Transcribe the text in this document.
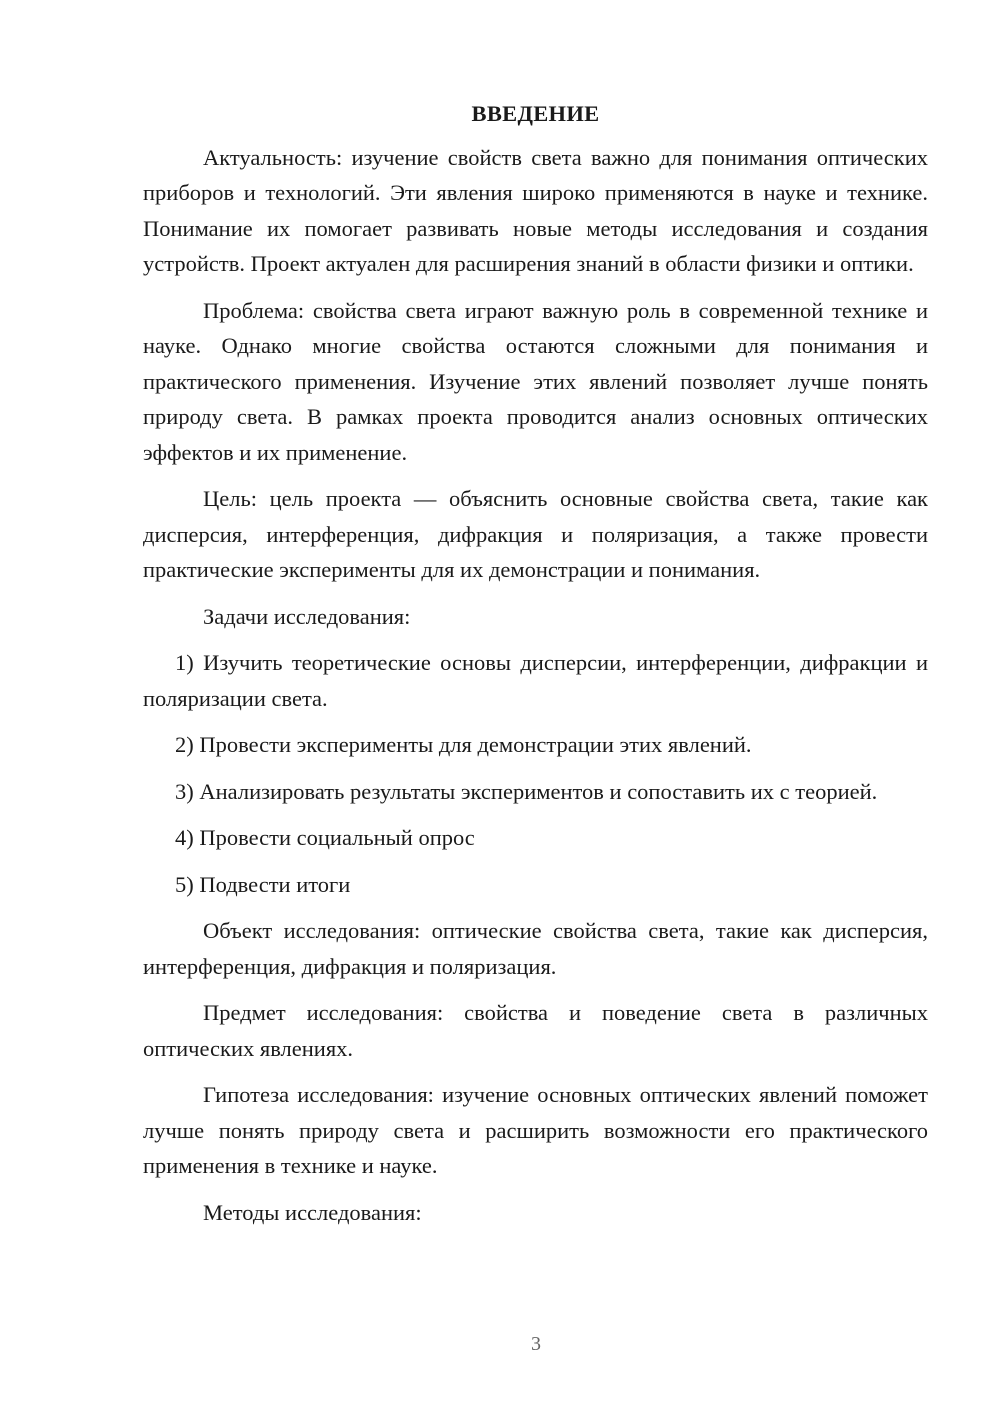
ВВЕДЕНИЕ

Актуальность: изучение свойств света важно для понимания оптических приборов и технологий. Эти явления широко применяются в науке и технике. Понимание их помогает развивать новые методы исследования и создания устройств. Проект актуален для расширения знаний в области физики и оптики.

Проблема: свойства света играют важную роль в современной технике и науке. Однако многие свойства остаются сложными для понимания и практического применения. Изучение этих явлений позволяет лучше понять природу света. В рамках проекта проводится анализ основных оптических эффектов и их применение.

Цель: цель проекта — объяснить основные свойства света, такие как дисперсия, интерференция, дифракция и поляризация, а также провести практические эксперименты для их демонстрации и понимания.

Задачи исследования:

1) Изучить теоретические основы дисперсии, интерференции, дифракции и поляризации света.

2) Провести эксперименты для демонстрации этих явлений.

3) Анализировать результаты экспериментов и сопоставить их с теорией.

4) Провести социальный опрос

5) Подвести итоги

Объект исследования: оптические свойства света, такие как дисперсия, интерференция, дифракция и поляризация.

Предмет исследования: свойства и поведение света в различных оптических явлениях.

Гипотеза исследования: изучение основных оптических явлений поможет лучше понять природу света и расширить возможности его практического применения в технике и науке.

Методы исследования:

3
